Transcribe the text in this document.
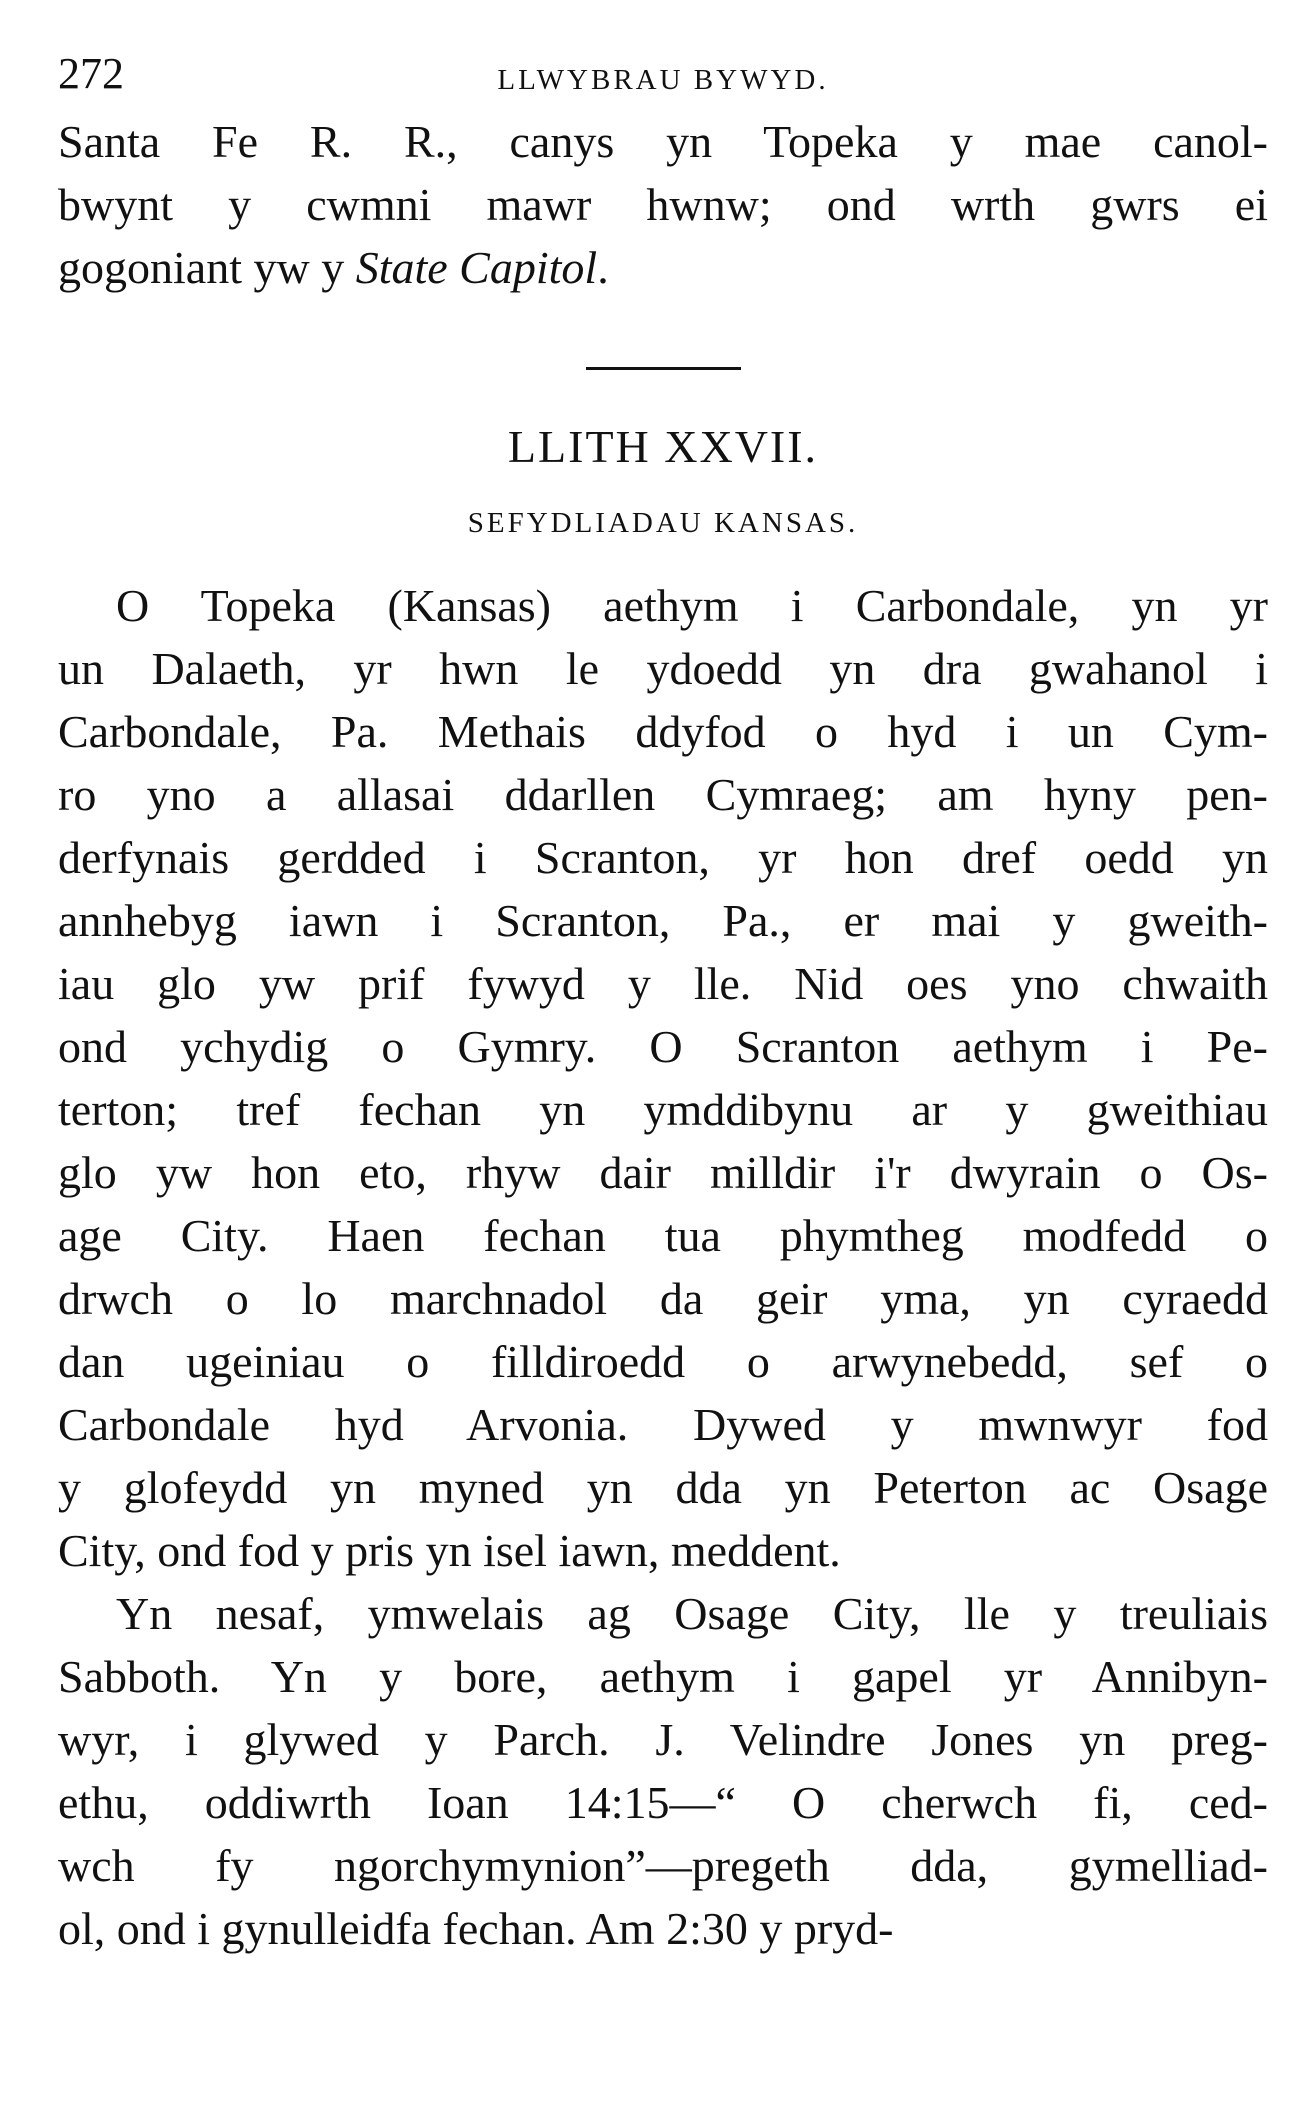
272	LLWYBRAU BYWYD.

Santa Fe R. R., canys yn Topeka y mae canol-
bwynt y cwmni mawr hwnw; ond wrth gwrs ei

gogoniant yw y State Capitol.

LLITH XXVII.
SEFYDLIADAU KANSAS.

O Topeka (Kansas) aethym i Carbondale, yn yr

un Dalaeth, yr hwn le ydoedd yn dra gwahanol i

Carbondale, Pa. Methais ddyfod o hyd i un Cym-

ro yno a allasai ddarllen Cymraeg; am hyny pen-

derfynais gerdded i Scranton, yr hon dref oedd yn

annhebyg iawn i Scranton, Pa., er mai y gweith-

iau glo yw prif fywyd y lle. Nid oes yno chwaith

ond ychydig o Gymry. O Scranton aethym i Pe-

terton; tref fechan yn ymddibynu ar y gweithiau

glo yw hon eto, rhyw dair milldir i'r dwyrain o Os-

age City. Haen fechan tua phymtheg modfedd o

drwch o lo marchnadol da geir yma, yn cyraedd

dan ugeiniau o filldiroedd o arwynebedd, sef o

Carbondale hyd Arvonia. Dywed y mwnwyr fod

y glofeydd yn myned yn dda yn Peterton ac Osage

City, ond fod y pris yn isel iawn, meddent.

Yn nesaf, ymwelais ag Osage City, lle y treuliais

Sabboth. Yn y bore, aethym i gapel yr Annibyn-

wyr, i glywed y Parch. J. Velindre Jones yn preg-

ethu, oddiwrth Ioan 14:15—“ O cherwch fi, ced-

wch fy ngorchymynion”—pregeth dda, gymelliad-

ol, ond i gynulleidfa fechan. Am 2:30 y pryd-
